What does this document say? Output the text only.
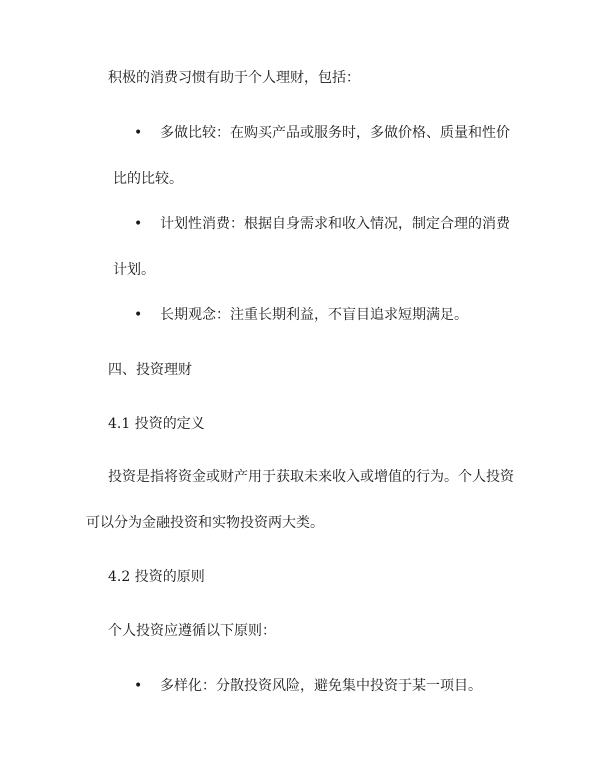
积极的消费习惯有助于个人理财，包括：
• 多做比较：在购买产品或服务时，多做价格、质量和性价
比的比较。
• 计划性消费：根据自身需求和收入情况，制定合理的消费
计划。
• 长期观念：注重长期利益，不盲目追求短期满足。
四、投资理财
4.1 投资的定义
投资是指将资金或财产用于获取未来收入或增值的行为。个人投资
可以分为金融投资和实物投资两大类。
4.2 投资的原则
个人投资应遵循以下原则：
• 多样化：分散投资风险，避免集中投资于某一项目。
